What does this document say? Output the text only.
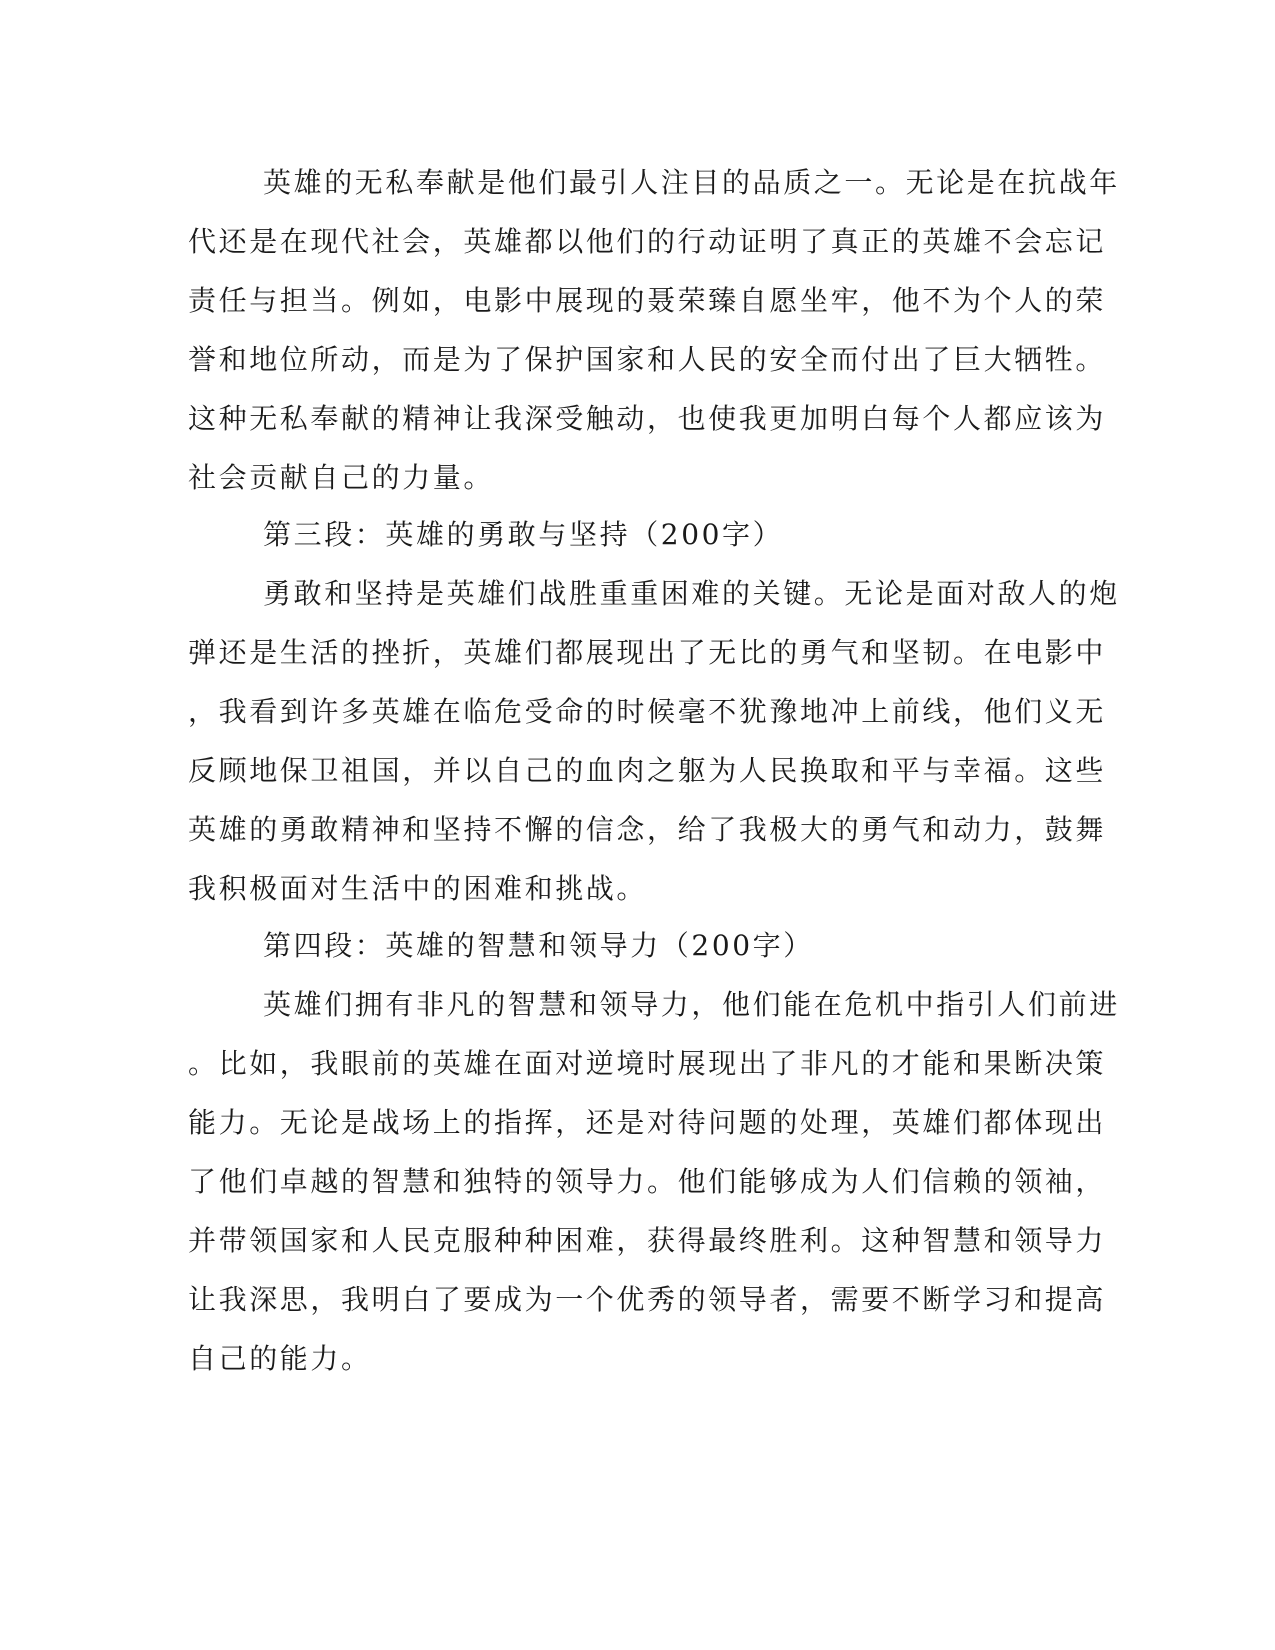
英雄的无私奉献是他们最引人注目的品质之一。无论是在抗战年
代还是在现代社会，英雄都以他们的行动证明了真正的英雄不会忘记
责任与担当。例如，电影中展现的聂荣臻自愿坐牢，他不为个人的荣
誉和地位所动，而是为了保护国家和人民的安全而付出了巨大牺牲。
这种无私奉献的精神让我深受触动，也使我更加明白每个人都应该为
社会贡献自己的力量。
第三段：英雄的勇敢与坚持（200字）
勇敢和坚持是英雄们战胜重重困难的关键。无论是面对敌人的炮
弹还是生活的挫折，英雄们都展现出了无比的勇气和坚韧。在电影中
，我看到许多英雄在临危受命的时候毫不犹豫地冲上前线，他们义无
反顾地保卫祖国，并以自己的血肉之躯为人民换取和平与幸福。这些
英雄的勇敢精神和坚持不懈的信念，给了我极大的勇气和动力，鼓舞
我积极面对生活中的困难和挑战。
第四段：英雄的智慧和领导力（200字）
英雄们拥有非凡的智慧和领导力，他们能在危机中指引人们前进
。比如，我眼前的英雄在面对逆境时展现出了非凡的才能和果断决策
能力。无论是战场上的指挥，还是对待问题的处理，英雄们都体现出
了他们卓越的智慧和独特的领导力。他们能够成为人们信赖的领袖，
并带领国家和人民克服种种困难，获得最终胜利。这种智慧和领导力
让我深思，我明白了要成为一个优秀的领导者，需要不断学习和提高
自己的能力。
